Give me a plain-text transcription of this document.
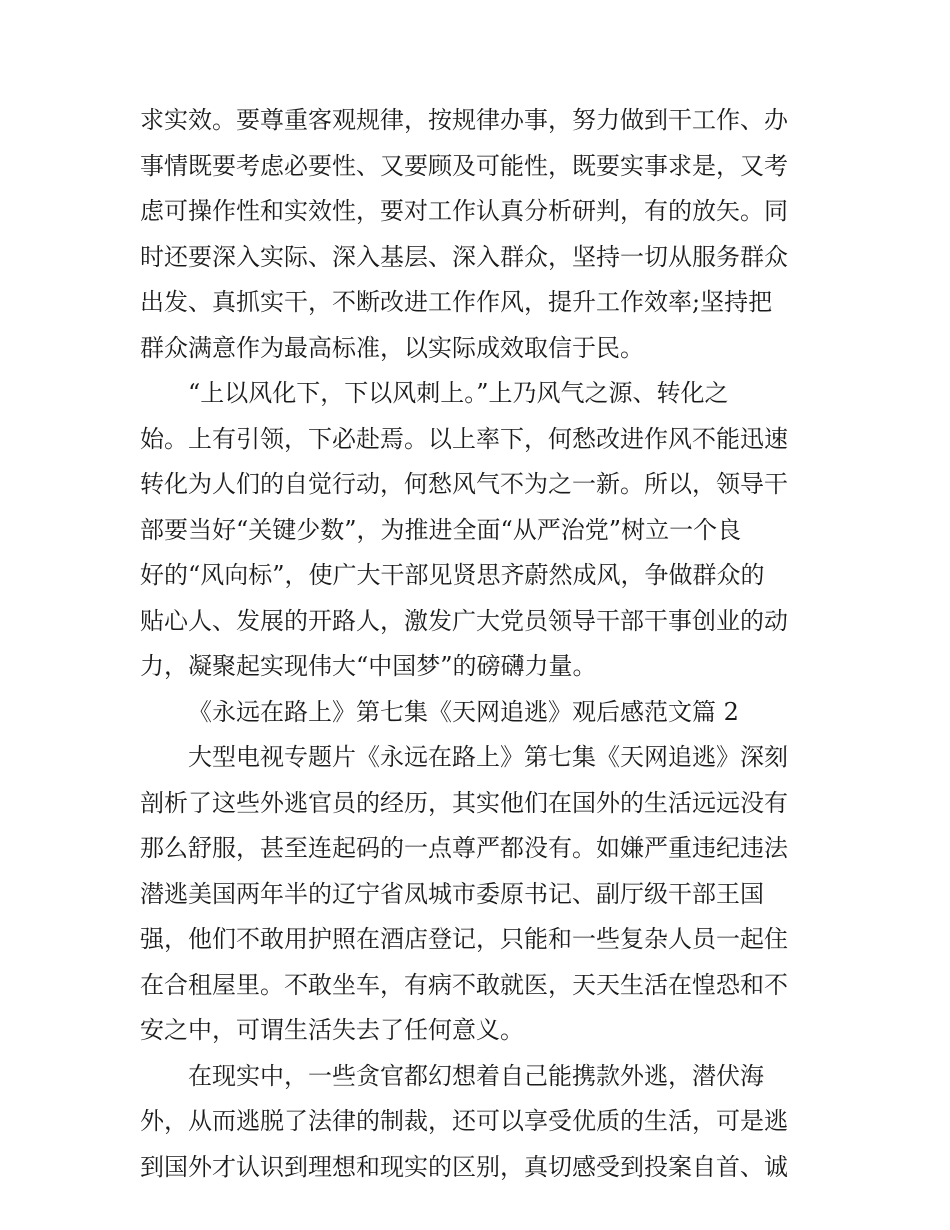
求实效。要尊重客观规律，按规律办事，努力做到干工作、办
事情既要考虑必要性、又要顾及可能性，既要实事求是，又考
虑可操作性和实效性，要对工作认真分析研判，有的放矢。同
时还要深入实际、深入基层、深入群众，坚持一切从服务群众
出发、真抓实干，不断改进工作作风，提升工作效率;坚持把
群众满意作为最高标准，以实际成效取信于民。
“上以风化下，下以风刺上。”上乃风气之源、转化之
始。上有引领，下必赴焉。以上率下，何愁改进作风不能迅速
转化为人们的自觉行动，何愁风气不为之一新。所以，领导干
部要当好“关键少数”，为推进全面“从严治党”树立一个良
好的“风向标”，使广大干部见贤思齐蔚然成风，争做群众的
贴心人、发展的开路人，激发广大党员领导干部干事创业的动
力，凝聚起实现伟大“中国梦”的磅礴力量。
《永远在路上》第七集《天网追逃》观后感范文篇 2
大型电视专题片《永远在路上》第七集《天网追逃》深刻
剖析了这些外逃官员的经历，其实他们在国外的生活远远没有
那么舒服，甚至连起码的一点尊严都没有。如嫌严重违纪违法
潜逃美国两年半的辽宁省凤城市委原书记、副厅级干部王国
强，他们不敢用护照在酒店登记，只能和一些复杂人员一起住
在合租屋里。不敢坐车，有病不敢就医，天天生活在惶恐和不
安之中，可谓生活失去了任何意义。
在现实中，一些贪官都幻想着自己能携款外逃，潜伏海
外，从而逃脱了法律的制裁，还可以享受优质的生活，可是逃
到国外才认识到理想和现实的区别，真切感受到投案自首、诚
